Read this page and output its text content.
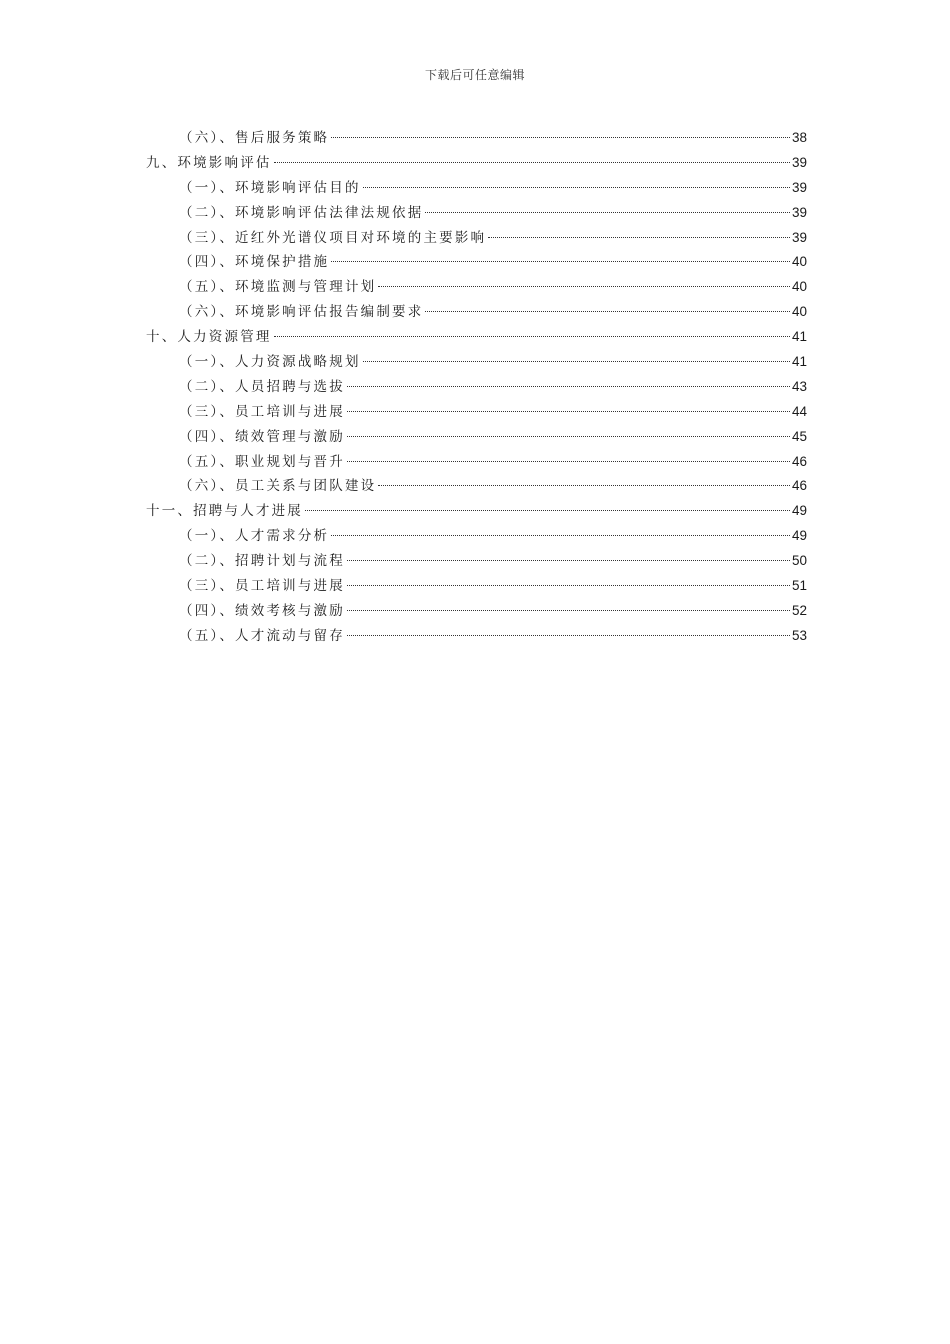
下载后可任意编辑
（六）、售后服务策略	38
九、环境影响评估	39
（一）、环境影响评估目的	39
（二）、环境影响评估法律法规依据	39
（三）、近红外光谱仪项目对环境的主要影响	39
（四）、环境保护措施	40
（五）、环境监测与管理计划	40
（六）、环境影响评估报告编制要求	40
十、人力资源管理	41
（一）、人力资源战略规划	41
（二）、人员招聘与选拔	43
（三）、员工培训与进展	44
（四）、绩效管理与激励	45
（五）、职业规划与晋升	46
（六）、员工关系与团队建设	46
十一、招聘与人才进展	49
（一）、人才需求分析	49
（二）、招聘计划与流程	50
（三）、员工培训与进展	51
（四）、绩效考核与激励	52
（五）、人才流动与留存	53
